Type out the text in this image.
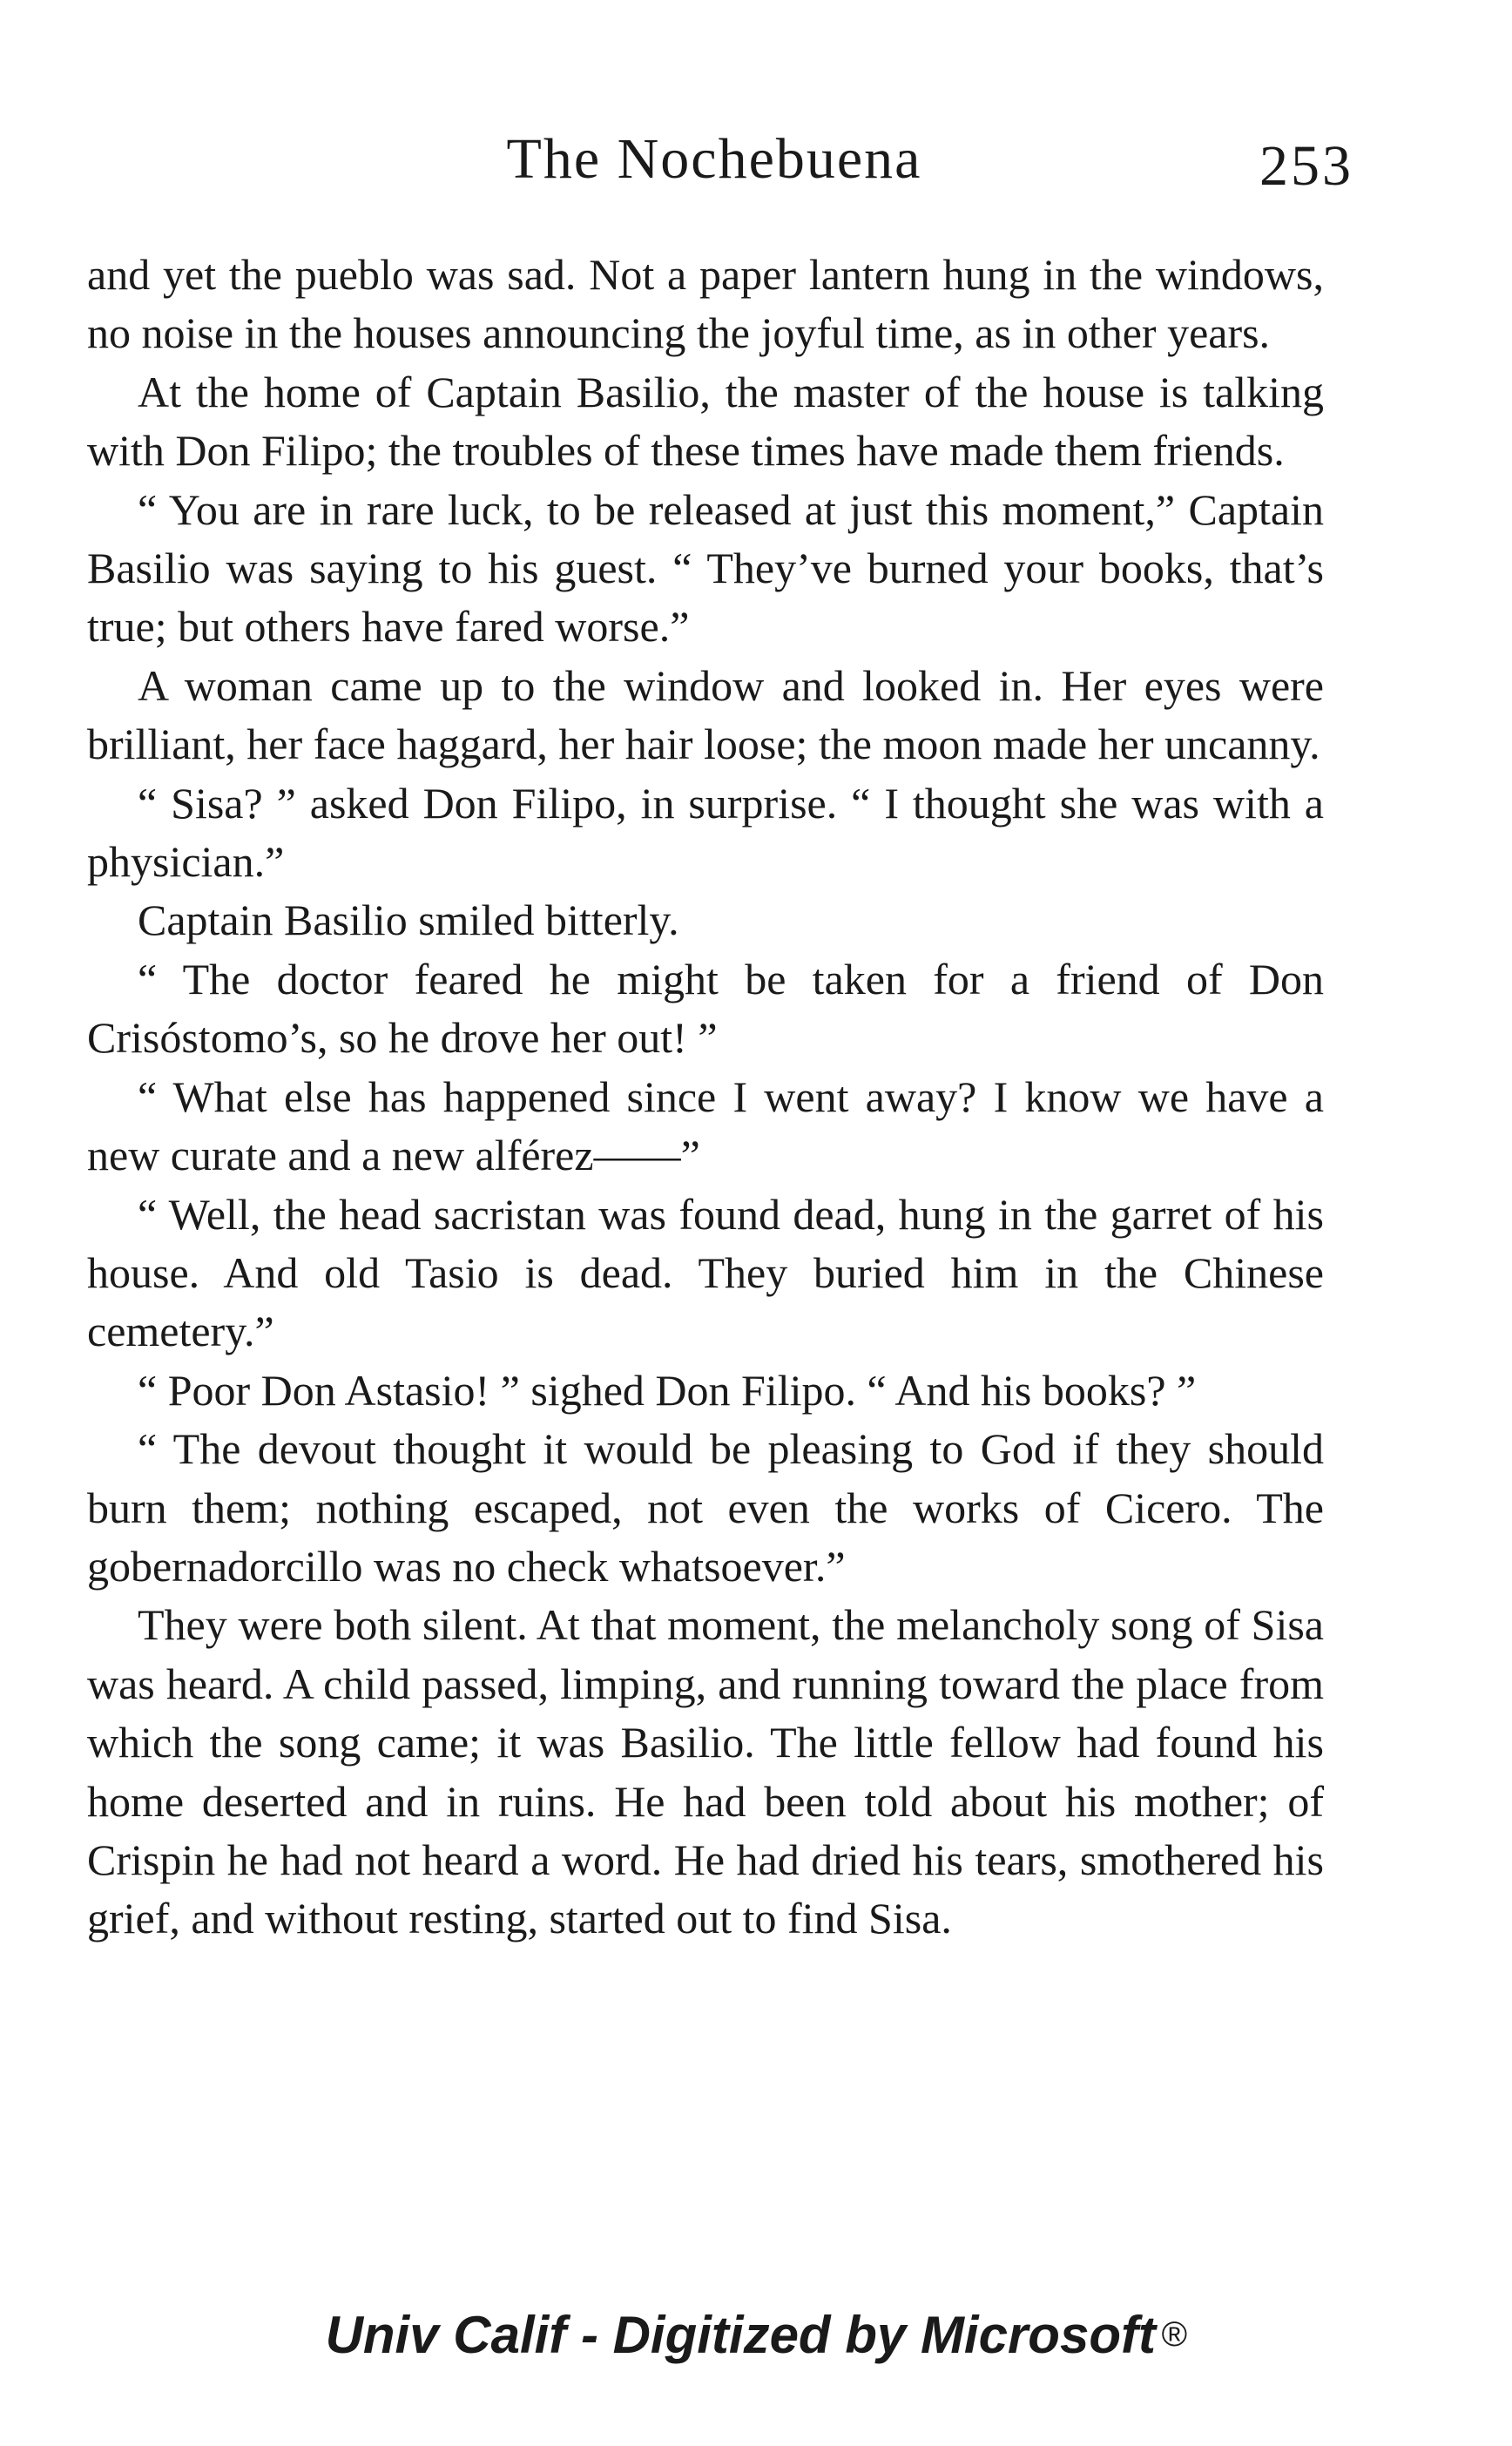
The Nochebuena	253

and yet the pueblo was sad. Not a paper lantern hung in the windows, no noise in the houses announcing the joyful time, as in other years.

At the home of Captain Basilio, the master of the house is talking with Don Filipo; the troubles of these times have made them friends.

“ You are in rare luck, to be released at just this moment,” Captain Basilio was saying to his guest. “ They’ve burned your books, that’s true; but others have fared worse.”

A woman came up to the window and looked in. Her eyes were brilliant, her face haggard, her hair loose; the moon made her uncanny.

“ Sisa? ” asked Don Filipo, in surprise. “ I thought she was with a physician.”

Captain Basilio smiled bitterly.

“ The doctor feared he might be taken for a friend of Don Crisóstomo’s, so he drove her out! ”

“ What else has happened since I went away? I know we have a new curate and a new alférez——”

“ Well, the head sacristan was found dead, hung in the garret of his house. And old Tasio is dead. They buried him in the Chinese cemetery.”

“ Poor Don Astasio! ” sighed Don Filipo. “ And his books? ”

“ The devout thought it would be pleasing to God if they should burn them; nothing escaped, not even the works of Cicero. The gobernadorcillo was no check whatsoever.”

They were both silent. At that moment, the melancholy song of Sisa was heard. A child passed, limping, and running toward the place from which the song came; it was Basilio. The little fellow had found his home deserted and in ruins. He had been told about his mother; of Crispin he had not heard a word. He had dried his tears, smothered his grief, and without resting, started out to find Sisa.

Univ Calif - Digitized by Microsoft ®
